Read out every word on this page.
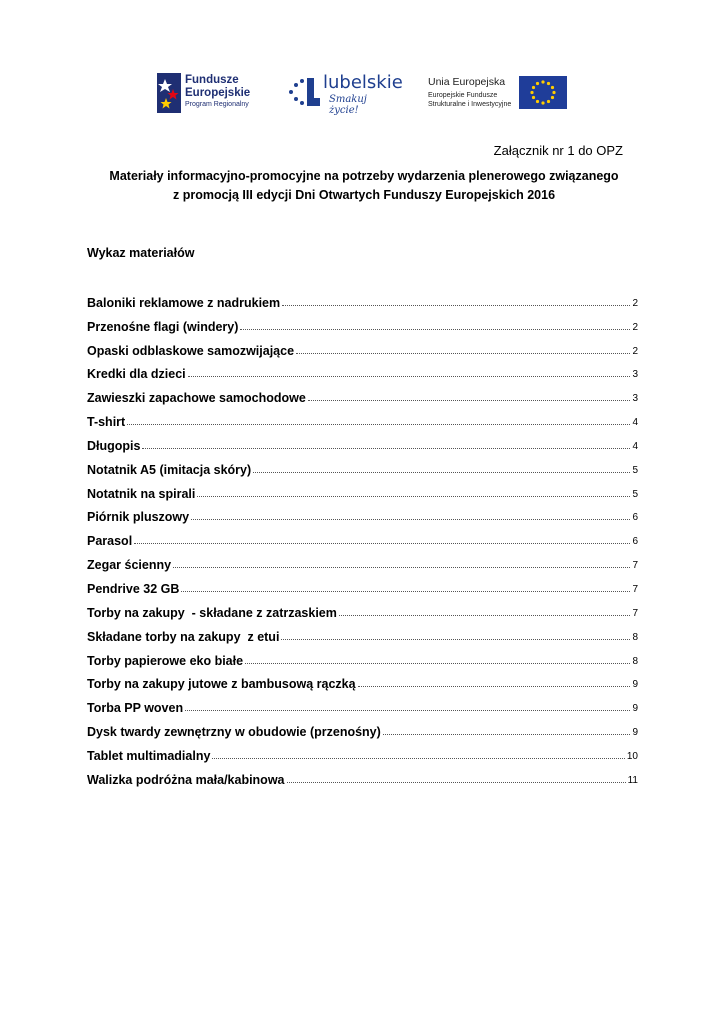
Fundusze
Europejskie
Program Regionalny
lubelskie
Smakuj życie!
Unia Europejska
Europejskie Fundusze
Strukturalne i Inwestycyjne
Załącznik nr 1 do OPZ
Materiały informacyjno-promocyjne na potrzeby wydarzenia plenerowego związanego
z promocją III edycji Dni Otwartych Funduszy Europejskich 2016
Wykaz materiałów
Baloniki reklamowe z nadrukiem	2
Przenośne flagi (windery)	2
Opaski odblaskowe samozwijające	2
Kredki dla dzieci	3
Zawieszki zapachowe samochodowe	3
T-shirt	4
Długopis	4
Notatnik A5 (imitacja skóry)	5
Notatnik na spirali	5
Piórnik pluszowy	6
Parasol	6
Zegar ścienny	7
Pendrive 32 GB	7
Torby na zakupy  - składane z zatrzaskiem	7
Składane torby na zakupy  z etui	8
Torby papierowe eko białe	8
Torby na zakupy jutowe z bambusową rączką	9
Torba PP woven	9
Dysk twardy zewnętrzny w obudowie (przenośny)	9
Tablet multimadialny	10
Walizka podróżna mała/kabinowa	11
